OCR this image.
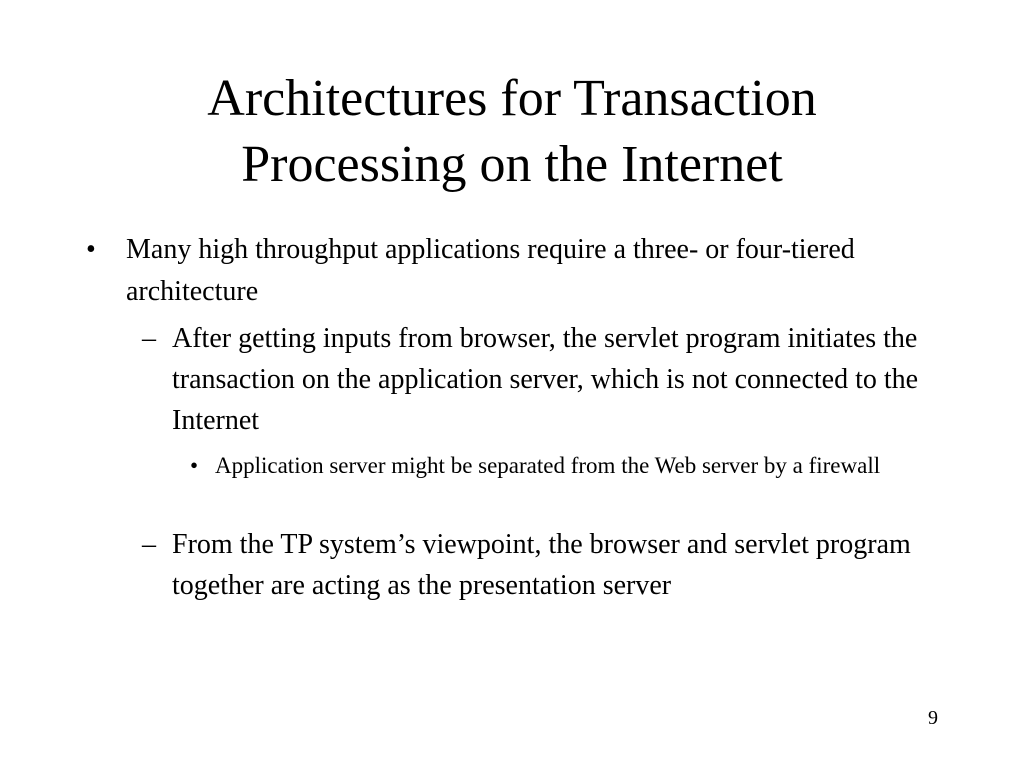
Architectures for Transaction
Processing on the Internet
• Many high throughput applications require a three- or four-tiered architecture
– After getting inputs from browser, the servlet program initiates the transaction on the application server, which is not connected to the Internet
• Application server might be separated from the Web server by a firewall
– From the TP system’s viewpoint, the browser and servlet program together are acting as the presentation server
9
